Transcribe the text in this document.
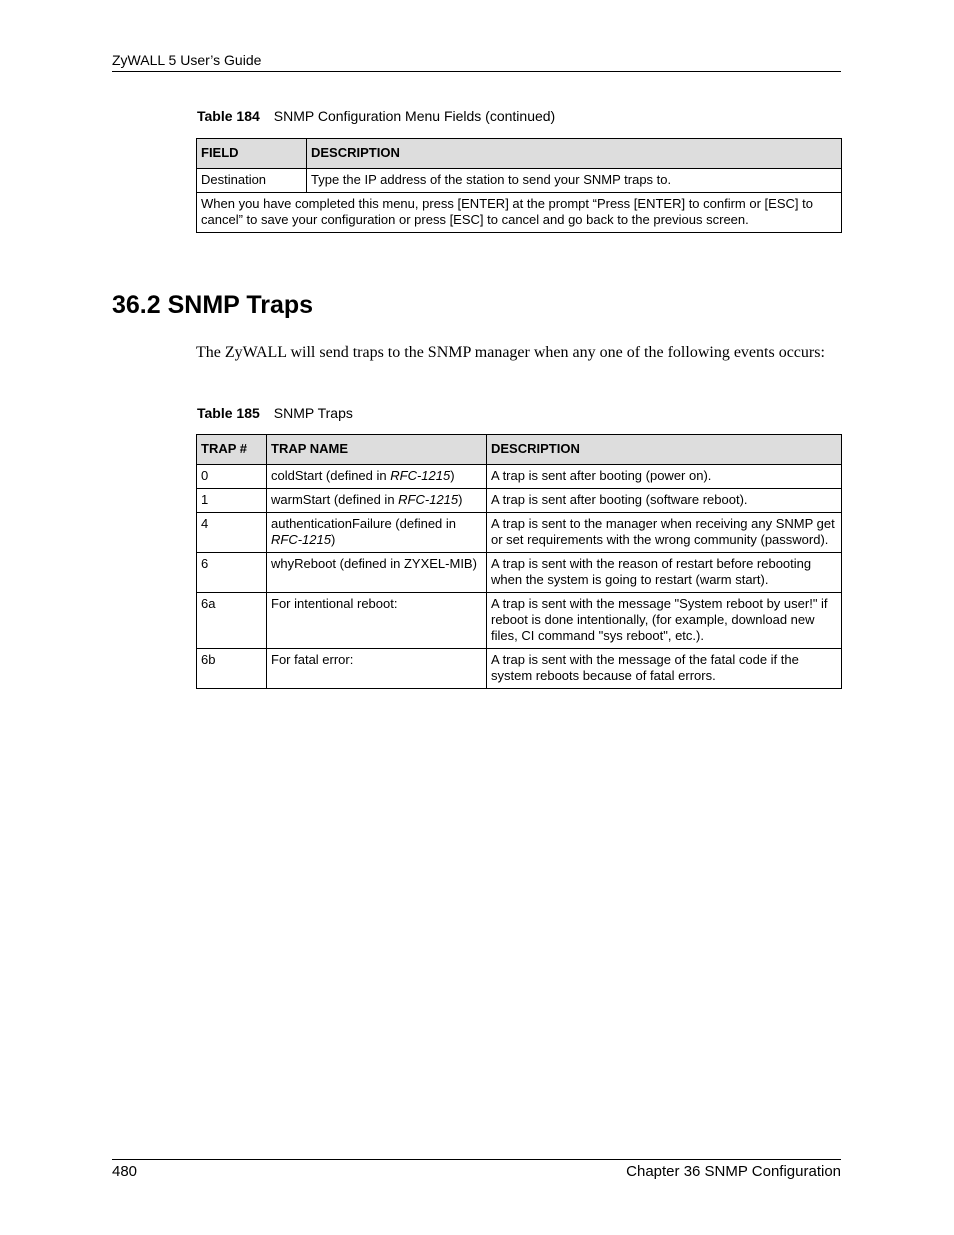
ZyWALL 5 User’s Guide
Table 184 SNMP Configuration Menu Fields (continued)
FIELD	DESCRIPTION
Destination	Type the IP address of the station to send your SNMP traps to.
When you have completed this menu, press [ENTER] at the prompt “Press [ENTER] to confirm or [ESC] to cancel” to save your configuration or press [ESC] to cancel and go back to the previous screen.	
36.2 SNMP Traps
The ZyWALL will send traps to the SNMP manager when any one of the following events occurs:
Table 185 SNMP Traps
TRAP #	TRAP NAME	DESCRIPTION
0	coldStart (defined in RFC-1215)	A trap is sent after booting (power on).
1	warmStart (defined in RFC-1215)	A trap is sent after booting (software reboot).
4	authenticationFailure (defined in RFC-1215)	A trap is sent to the manager when receiving any SNMP get or set requirements with the wrong community (password).
6	whyReboot (defined in ZYXEL-MIB)	A trap is sent with the reason of restart before rebooting when the system is going to restart (warm start).
6a	For intentional reboot:	A trap is sent with the message "System reboot by user!" if reboot is done intentionally, (for example, download new files, CI command "sys reboot", etc.).
6b	For fatal error:	A trap is sent with the message of the fatal code if the system reboots because of fatal errors.
480	Chapter 36 SNMP Configuration
